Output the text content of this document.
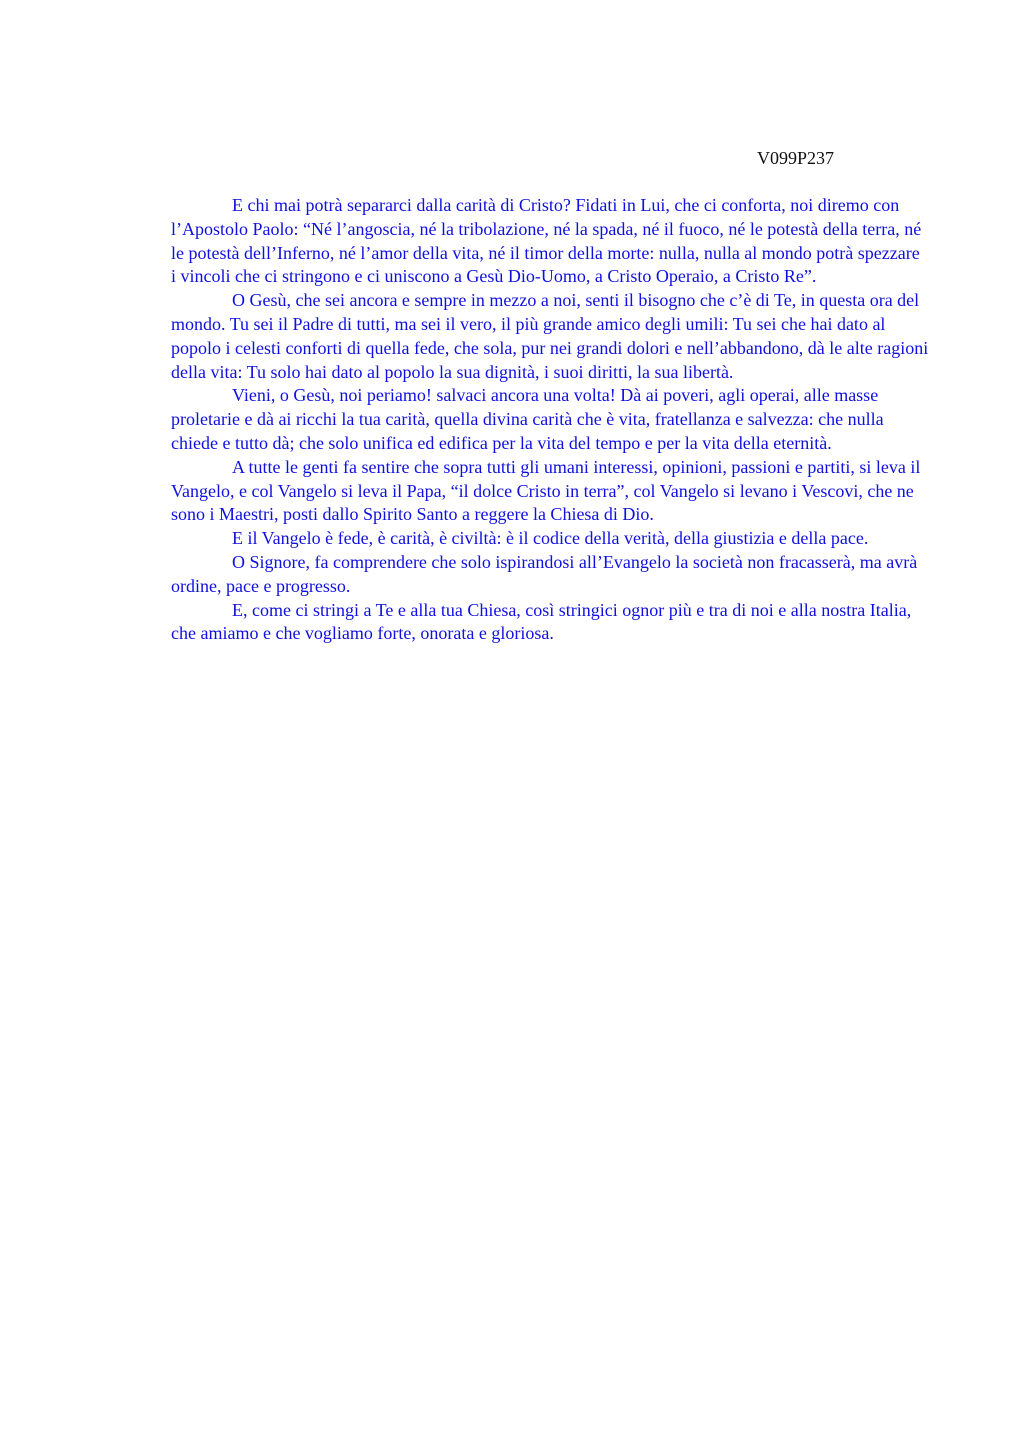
V099P237

E chi mai potrà separarci dalla carità di Cristo? Fidati in Lui, che ci conforta, noi diremo con l’Apostolo Paolo: “Né l’angoscia, né la tribolazione, né la spada, né il fuoco, né le potestà della terra, né le potestà dell’Inferno, né l’amor della vita, né il timor della morte: nulla, nulla al mondo potrà spezzare i vincoli che ci stringono e ci uniscono a Gesù Dio-Uomo, a Cristo Operaio, a Cristo Re”.

O Gesù, che sei ancora e sempre in mezzo a noi, senti il bisogno che c’è di Te, in questa ora del mondo. Tu sei il Padre di tutti, ma sei il vero, il più grande amico degli umili: Tu sei che hai dato al popolo i celesti conforti di quella fede, che sola, pur nei grandi dolori e nell’abbandono, dà le alte ragioni della vita: Tu solo hai dato al popolo la sua dignità, i suoi diritti, la sua libertà.

Vieni, o Gesù, noi periamo! salvaci ancora una volta! Dà ai poveri, agli operai, alle masse proletarie e dà ai ricchi la tua carità, quella divina carità che è vita, fratellanza e salvezza: che nulla chiede e tutto dà; che solo unifica ed edifica per la vita del tempo e per la vita della eternità.

A tutte le genti fa sentire che sopra tutti gli umani interessi, opinioni, passioni e partiti, si leva il Vangelo, e col Vangelo si leva il Papa, “il dolce Cristo in terra”, col Vangelo si levano i Vescovi, che ne sono i Maestri, posti dallo Spirito Santo a reggere la Chiesa di Dio.

E il Vangelo è fede, è carità, è civiltà: è il codice della verità, della giustizia e della pace.

O Signore, fa comprendere che solo ispirandosi all’Evangelo la società non fracasserà, ma avrà ordine, pace e progresso.

E, come ci stringi a Te e alla tua Chiesa, così stringici ognor più e tra di noi e alla nostra Italia, che amiamo e che vogliamo forte, onorata e gloriosa.
